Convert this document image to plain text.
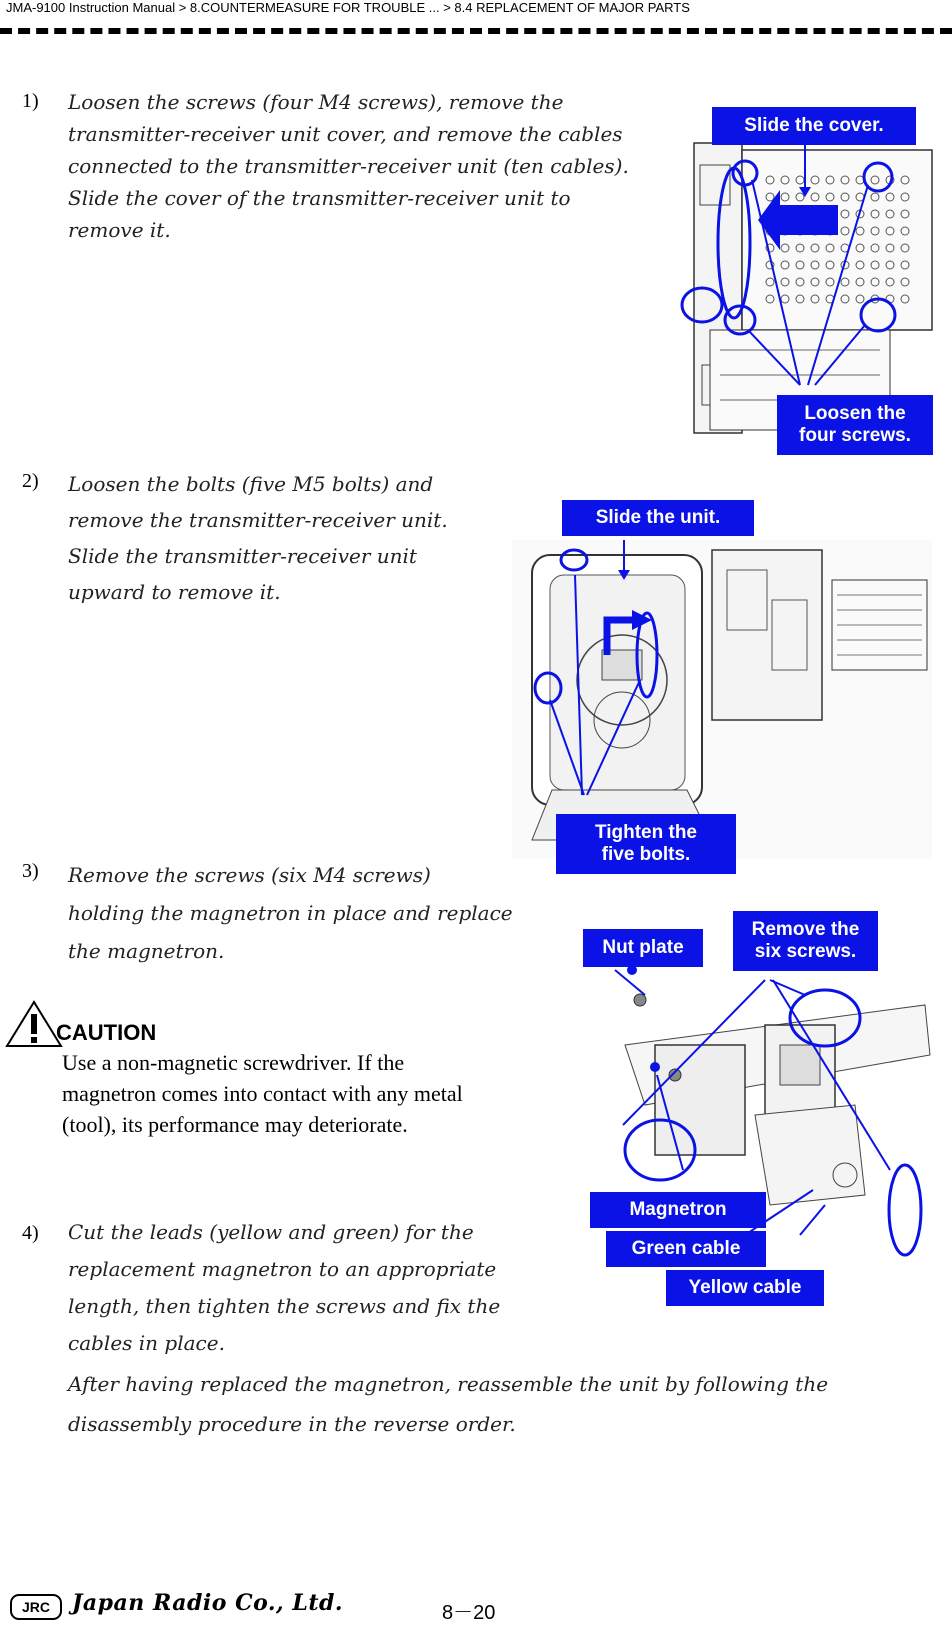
JMA-9100 Instruction Manual > 8.COUNTERMEASURE FOR TROUBLE ... > 8.4 REPLACEMENT OF MAJOR PARTS
1) Loosen the screws (four M4 screws), remove the
transmitter-receiver unit cover, and remove the cables
connected to the transmitter-receiver unit (ten cables).
Slide the cover of the transmitter-receiver unit to
remove it.
2) Loosen the bolts (five M5 bolts) and
remove the transmitter-receiver unit.
Slide the transmitter-receiver unit
upward to remove it.
3) Remove the screws (six M4 screws)
holding the magnetron in place and replace
the magnetron.
CAUTION
Use a non-magnetic screwdriver. If the
magnetron comes into contact with any metal
(tool), its performance may deteriorate.
4) Cut the leads (yellow and green) for the
replacement magnetron to an appropriate
length, then tighten the screws and fix the
cables in place.
After having replaced the magnetron, reassemble the unit by following the
disassembly procedure in the reverse order.
Slide the cover.
Loosen the
four screws.
Slide the unit.
Tighten the
five bolts.
Nut plate
Remove the
six screws.
Magnetron
Green cable
Yellow cable
JRC	Japan Radio Co., Ltd.	8－20
